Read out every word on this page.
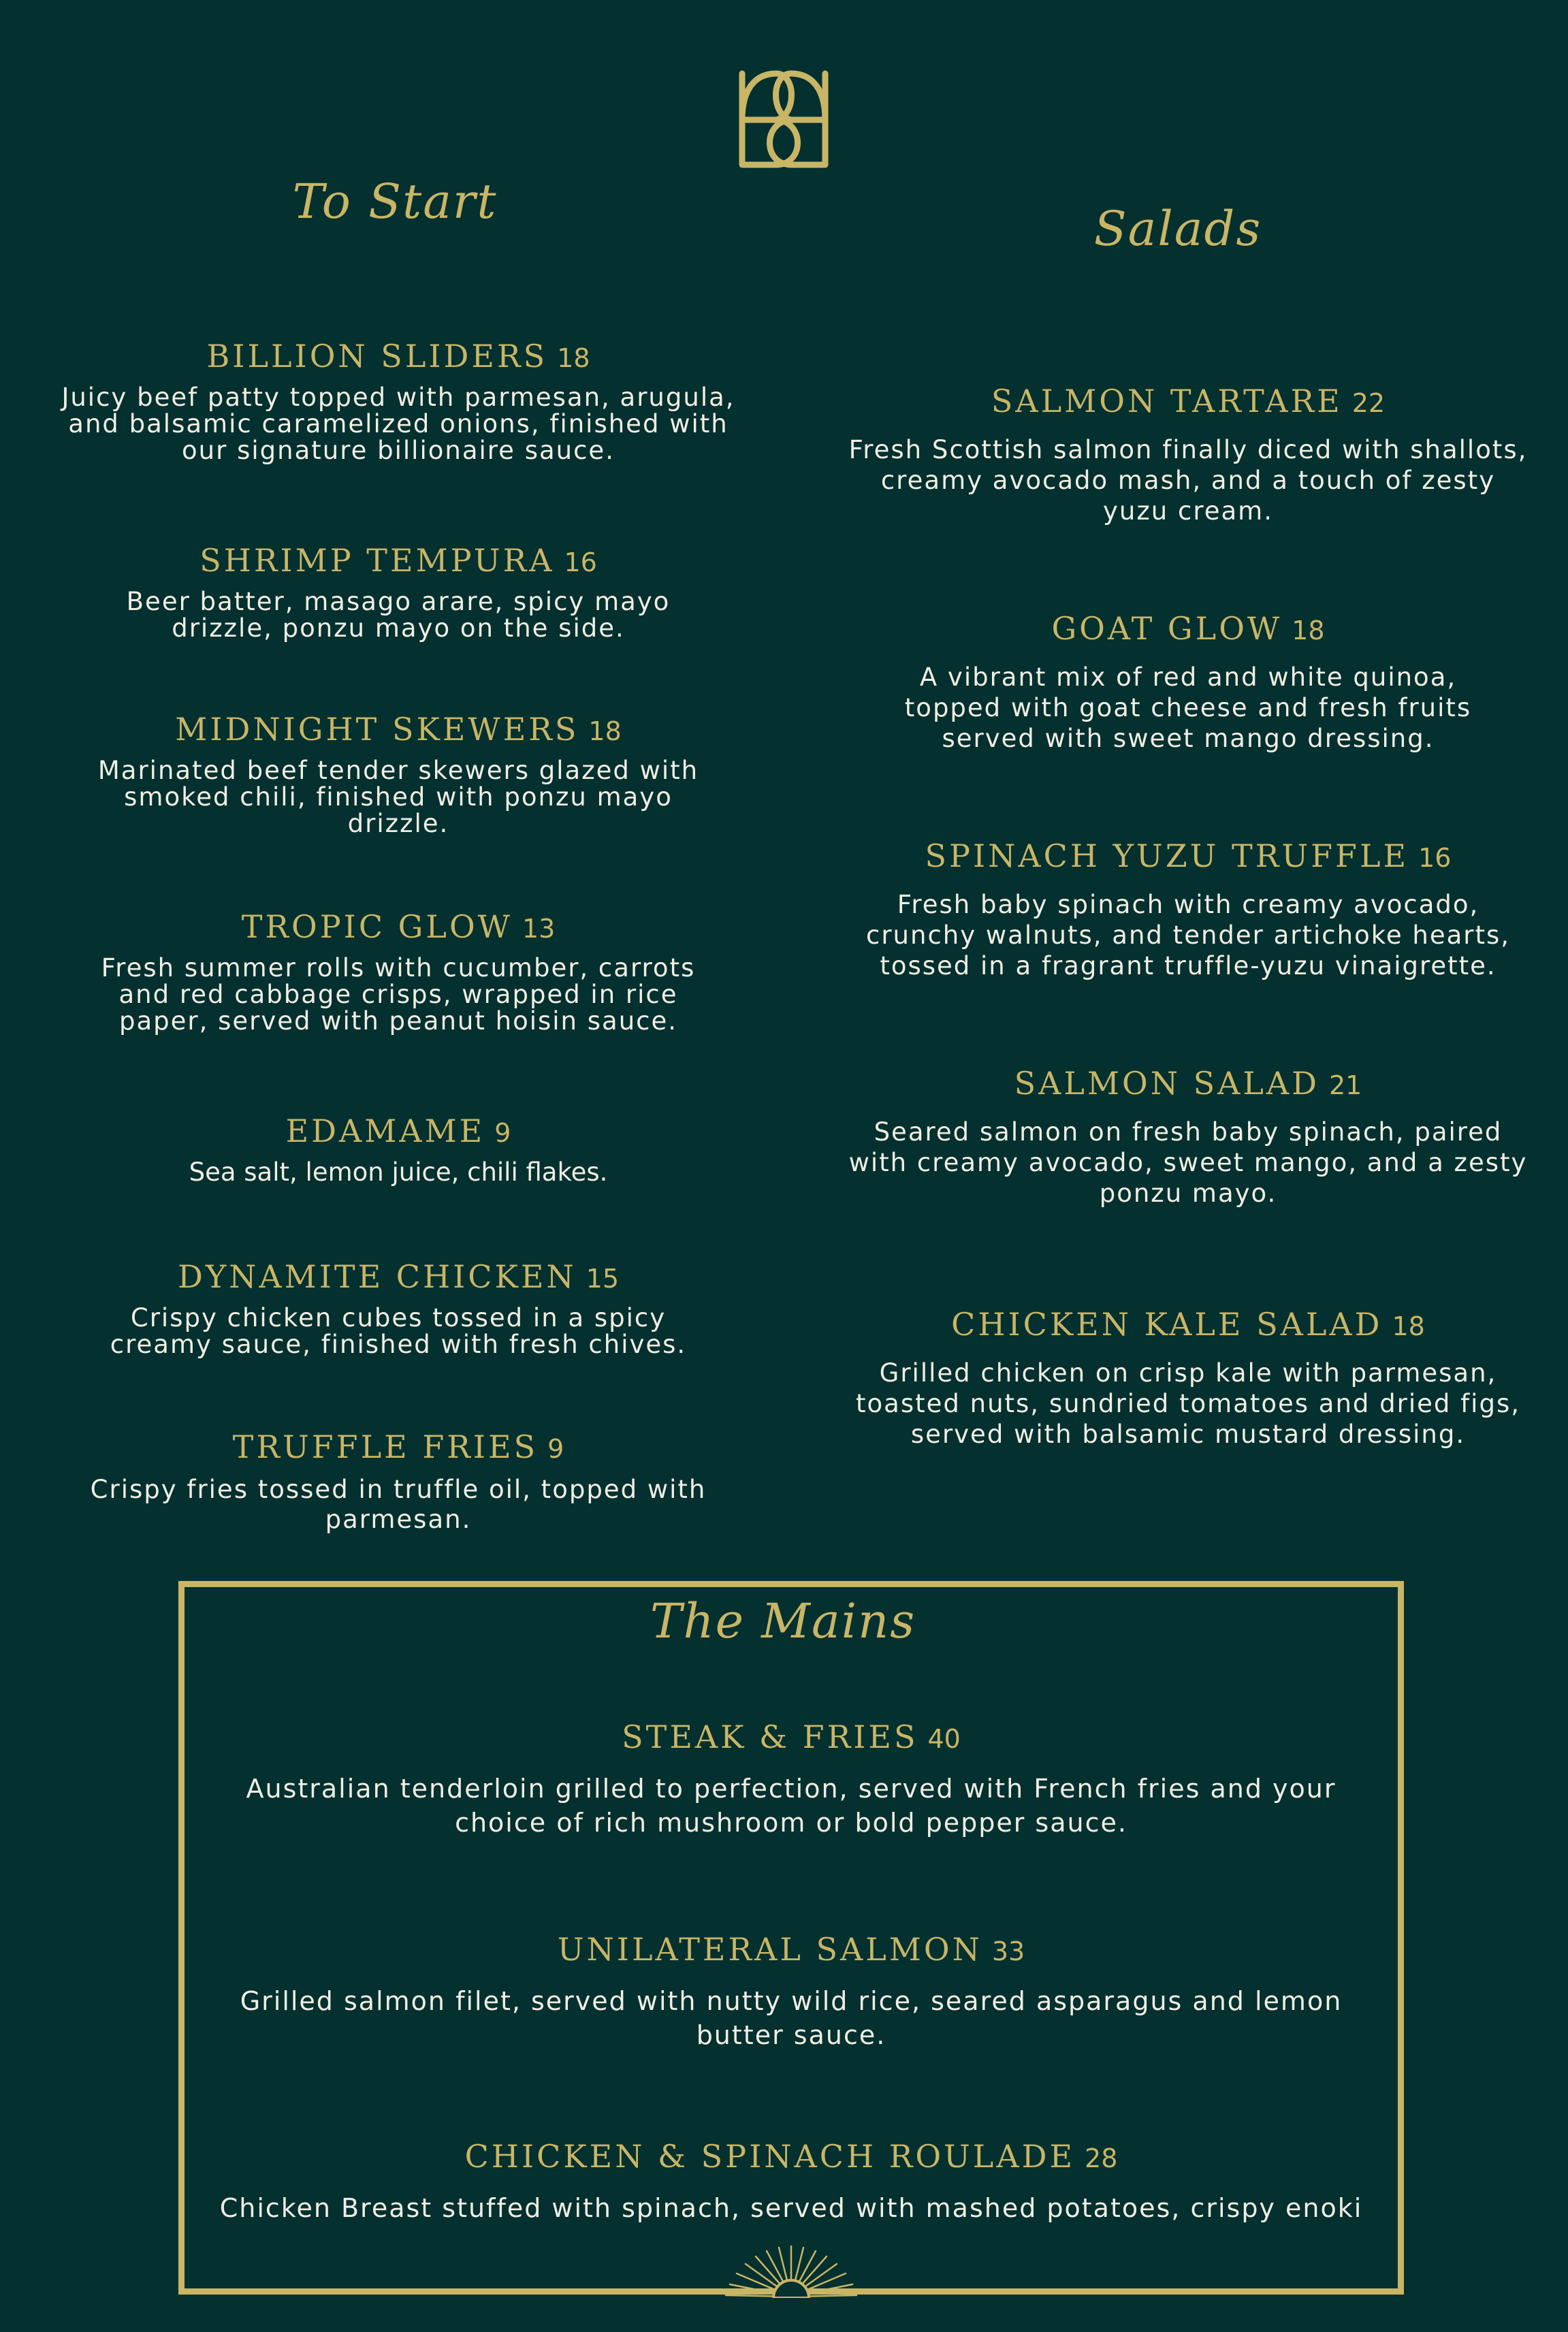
To Start	Salads

BILLION SLIDERS 18

Juicy beef patty topped with parmesan, arugula, and balsamic caramelized onions, finished with our signature billionaire sauce.

SHRIMP TEMPURA 16

Beer batter, masago arare, spicy mayo drizzle, ponzu mayo on the side.

MIDNIGHT SKEWERS 18

Marinated beef tender skewers glazed with smoked chili, finished with ponzu mayo drizzle.

TROPIC GLOW 13

Fresh summer rolls with cucumber, carrots and red cabbage crisps, wrapped in rice paper, served with peanut hoisin sauce.

EDAMAME 9

Sea salt, lemon juice, chili flakes.

DYNAMITE CHICKEN 15

Crispy chicken cubes tossed in a spicy creamy sauce, finished with fresh chives.

TRUFFLE FRIES 9

Crispy fries tossed in truffle oil, topped with parmesan.

SALMON TARTARE 22

Fresh Scottish salmon finally diced with shallots, creamy avocado mash, and a touch of zesty yuzu cream.

GOAT GLOW 18

A vibrant mix of red and white quinoa, topped with goat cheese and fresh fruits served with sweet mango dressing.

SPINACH YUZU TRUFFLE 16

Fresh baby spinach with creamy avocado, crunchy walnuts, and tender artichoke hearts, tossed in a fragrant truffle-yuzu vinaigrette.

SALMON SALAD 21

Seared salmon on fresh baby spinach, paired with creamy avocado, sweet mango, and a zesty ponzu mayo.

CHICKEN KALE SALAD 18

Grilled chicken on crisp kale with parmesan, toasted nuts, sundried tomatoes and dried figs, served with balsamic mustard dressing.

The Mains

STEAK & FRIES 40

Australian tenderloin grilled to perfection, served with French fries and your choice of rich mushroom or bold pepper sauce.

UNILATERAL SALMON 33

Grilled salmon filet, served with nutty wild rice, seared asparagus and lemon butter sauce.

CHICKEN & SPINACH ROULADE 28

Chicken Breast stuffed with spinach, served with mashed potatoes, crispy enoki
